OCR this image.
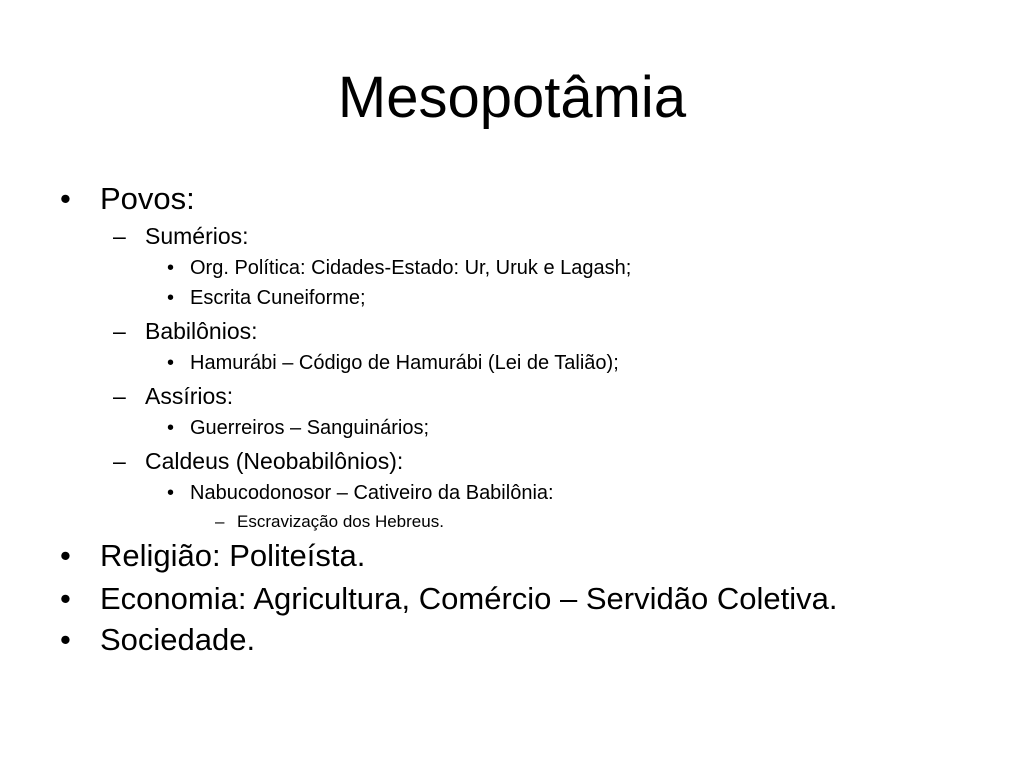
Mesopotâmia
• Povos:
– Sumérios:
• Org. Política: Cidades-Estado: Ur, Uruk e Lagash;
• Escrita Cuneiforme;
– Babilônios:
• Hamurábi – Código de Hamurábi (Lei de Talião);
– Assírios:
• Guerreiros – Sanguinários;
– Caldeus (Neobabilônios):
• Nabucodonosor – Cativeiro da Babilônia:
– Escravização dos Hebreus.
• Religião: Politeísta.
• Economia: Agricultura, Comércio – Servidão Coletiva.
• Sociedade.
